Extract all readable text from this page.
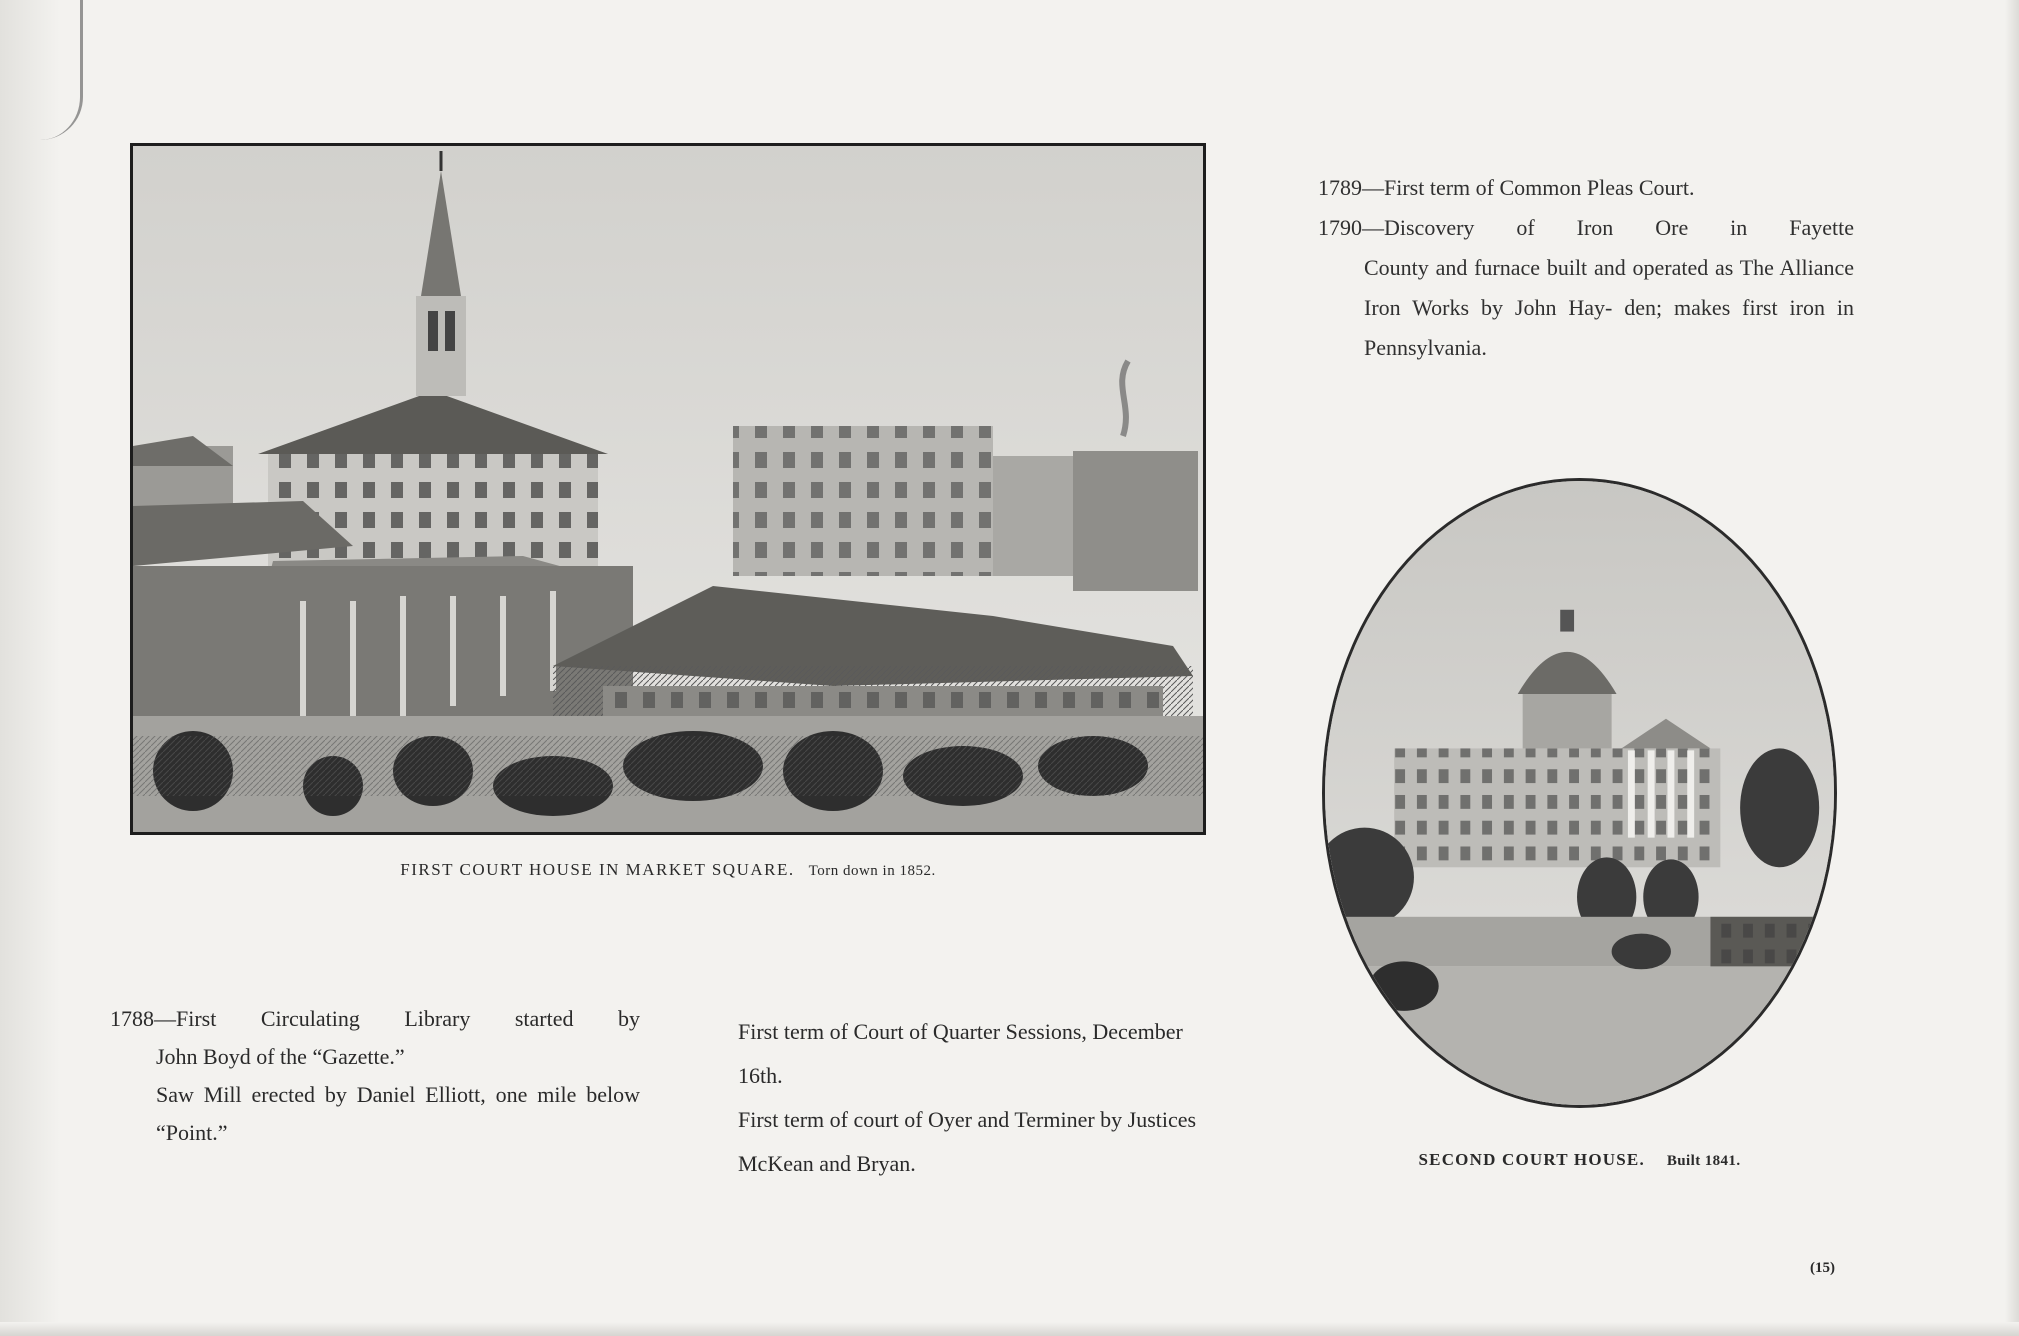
FIRST COURT HOUSE IN MARKET SQUARE. Torn down in 1852.
1789—First term of Common Pleas Court.
1790—Discovery of Iron Ore in Fayette
County and furnace built and operated as The Alliance Iron Works by John Hay- den; makes first iron in Pennsylvania.
SECOND COURT HOUSE. Built 1841.
1788—First Circulating Library started by
John Boyd of the “Gazette.”
Saw Mill erected by Daniel Elliott, one mile below “Point.”

First term of Court of Quarter Sessions, December 16th.

First term of court of Oyer and Terminer by Justices McKean and Bryan.

(15)
